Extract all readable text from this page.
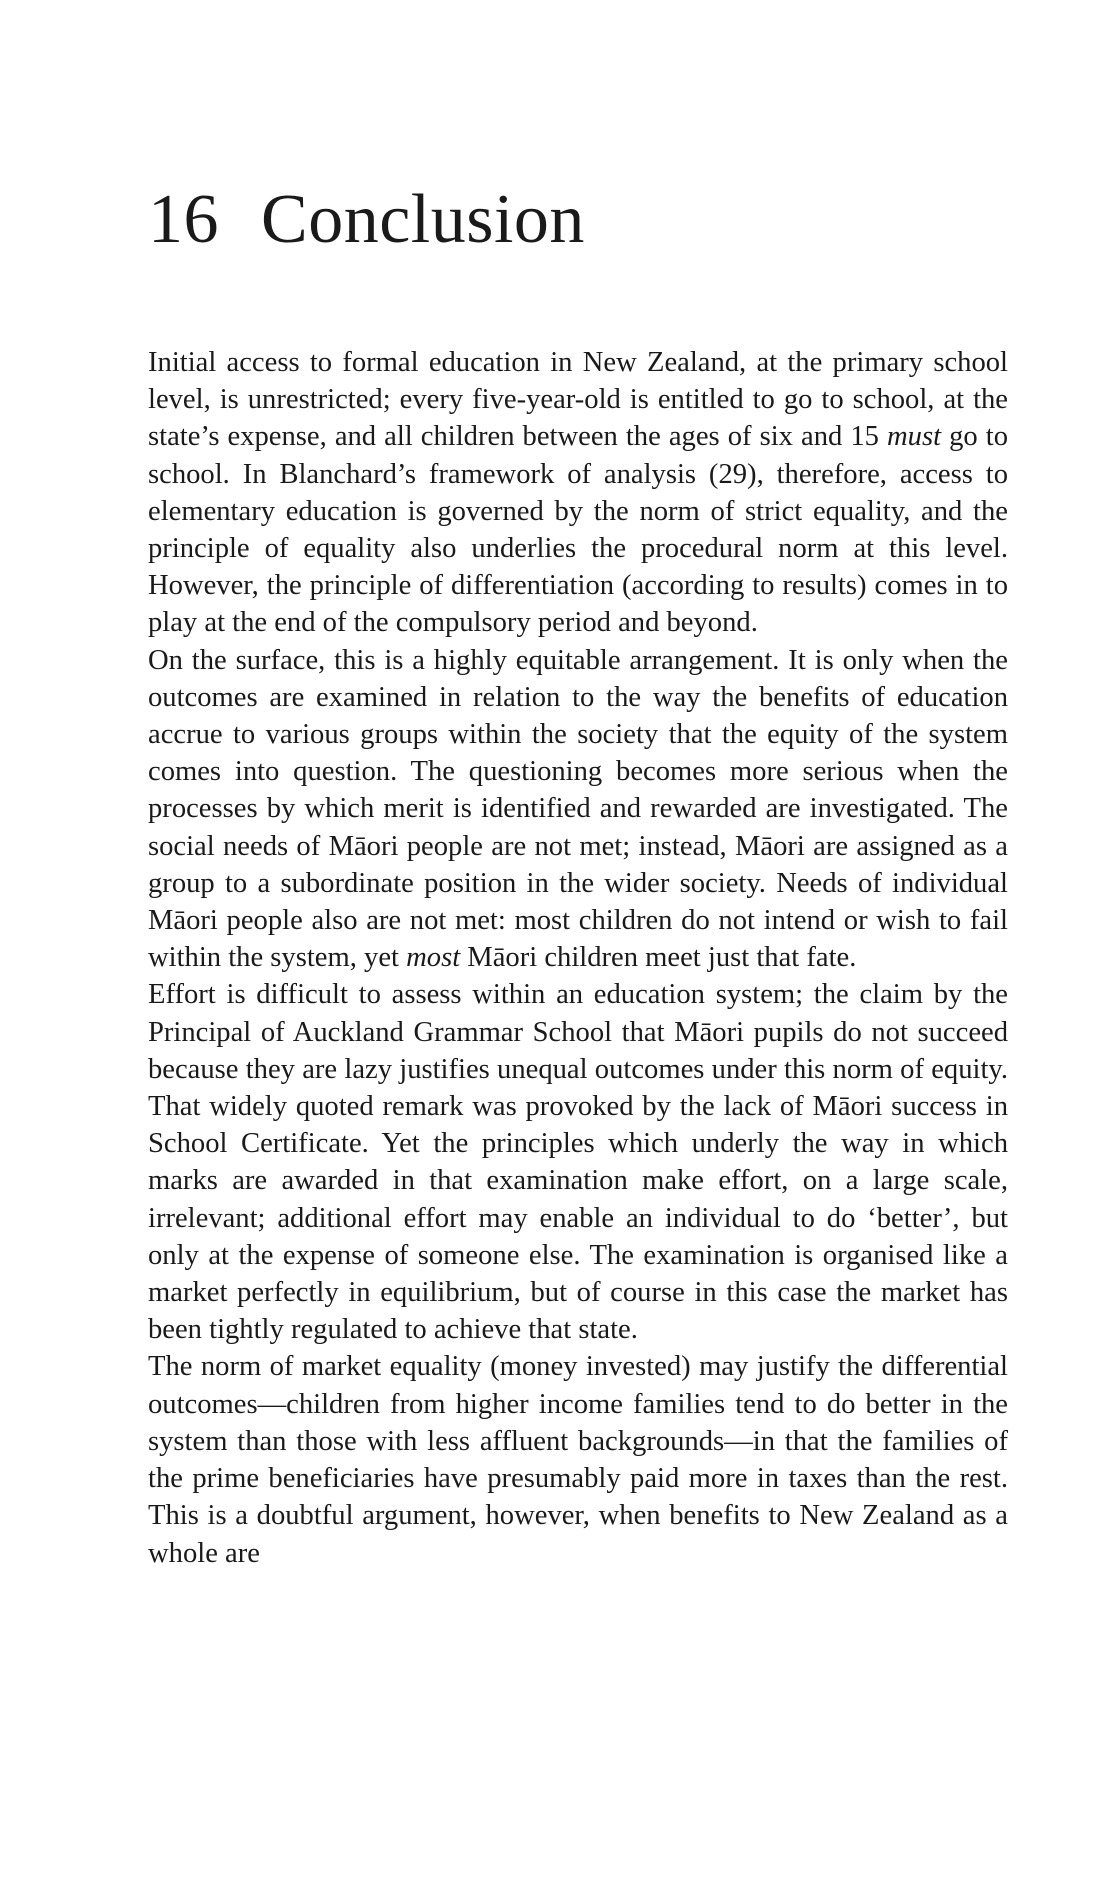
16 Conclusion

Initial access to formal education in New Zealand, at the primary school level, is unrestricted; every five-year-old is entitled to go to school, at the state’s expense, and all children between the ages of six and 15 must go to school. In Blanchard’s framework of analysis (29), therefore, access to elementary education is governed by the norm of strict equality, and the principle of equality also underlies the procedural norm at this level. However, the principle of differentiation (according to results) comes in to play at the end of the compulsory period and beyond.

On the surface, this is a highly equitable arrangement. It is only when the outcomes are examined in relation to the way the benefits of education accrue to various groups within the society that the equity of the system comes into question. The questioning becomes more serious when the processes by which merit is identified and rewarded are investigated. The social needs of Māori people are not met; instead, Māori are assigned as a group to a subordinate position in the wider society. Needs of individual Māori people also are not met: most children do not intend or wish to fail within the system, yet most Māori children meet just that fate.

Effort is difficult to assess within an education system; the claim by the Principal of Auckland Grammar School that Māori pupils do not succeed because they are lazy justifies unequal outcomes under this norm of equity. That widely quoted remark was provoked by the lack of Māori success in School Certificate. Yet the principles which underly the way in which marks are awarded in that examination make effort, on a large scale, irrelevant; additional effort may enable an individual to do ‘better’, but only at the expense of someone else. The examination is organised like a market perfectly in equilibrium, but of course in this case the market has been tightly regulated to achieve that state.

The norm of market equality (money invested) may justify the differential outcomes—children from higher income families tend to do better in the system than those with less affluent backgrounds—in that the families of the prime beneficiaries have presumably paid more in taxes than the rest. This is a doubtful argument, however, when benefits to New Zealand as a whole are
